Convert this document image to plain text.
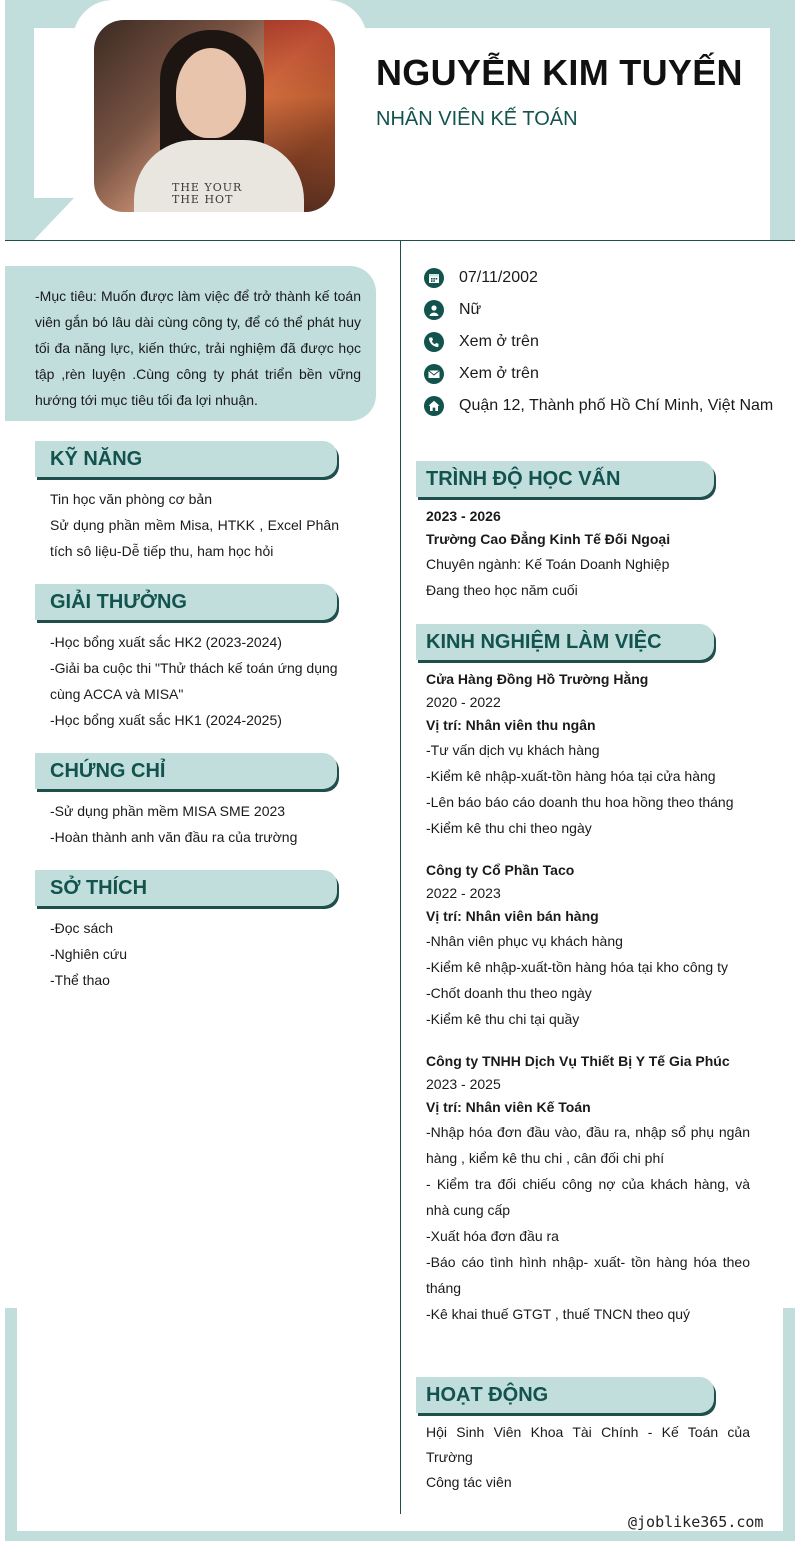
THE YOUR
THE HOT
NGUYỄN KIM TUYẾN
NHÂN VIÊN KẾ TOÁN
07/11/2002
Nữ
Xem ở trên
Xem ở trên
Quận 12, Thành phố Hồ Chí Minh, Việt Nam
-Mục tiêu: Muốn được làm việc để trở thành kế toán viên gắn bó lâu dài cùng công ty, để có thể phát huy tối đa năng lực, kiến thức, trải nghiệm đã được học tập ,rèn luyện .Cùng công ty phát triển bền vững hướng tới mục tiêu tối đa lợi nhuận.
KỸ NĂNG
Tin học văn phòng cơ bản
Sử dụng phần mềm Misa, HTKK , Excel Phân tích sô liệu-Dễ tiếp thu, ham học hỏi
GIẢI THƯỞNG
-Học bổng xuất sắc HK2 (2023-2024)
-Giải ba cuộc thi "Thử thách kế toán ứng dụng cùng ACCA và MISA"
-Học bổng xuất sắc HK1 (2024-2025)
CHỨNG CHỈ
-Sử dụng phần mềm MISA SME 2023
-Hoàn thành anh văn đầu ra của trường
SỞ THÍCH
-Đọc sách
-Nghiên cứu
-Thể thao
TRÌNH ĐỘ HỌC VẤN
2023 - 2026
Trường Cao Đẳng Kinh Tế Đối Ngoại
Chuyên ngành: Kế Toán Doanh Nghiệp
Đang theo học năm cuối
KINH NGHIỆM LÀM VIỆC
Cửa Hàng Đồng Hồ Trường Hằng
2020 - 2022
Vị trí: Nhân viên thu ngân
-Tư vấn dịch vụ khách hàng
-Kiểm kê nhập-xuất-tồn hàng hóa tại cửa hàng
-Lên báo báo cáo doanh thu hoa hồng theo tháng
-Kiểm kê thu chi theo ngày
Công ty Cổ Phần Taco
2022 - 2023
Vị trí: Nhân viên bán hàng
-Nhân viên phục vụ khách hàng
-Kiểm kê nhập-xuất-tồn hàng hóa tại kho công ty
-Chốt doanh thu theo ngày
-Kiểm kê thu chi tại quầy
Công ty TNHH Dịch Vụ Thiết Bị Y Tế Gia Phúc
2023 - 2025
Vị trí: Nhân viên Kế Toán
-Nhập hóa đơn đầu vào, đầu ra, nhập sổ phụ ngân hàng , kiểm kê thu chi , cân đối chi phí
- Kiểm tra đối chiếu công nợ của khách hàng, và nhà cung cấp
-Xuất hóa đơn đầu ra
-Báo cáo tình hình nhập- xuất- tồn hàng hóa theo tháng
-Kê khai thuế GTGT , thuế TNCN theo quý
HOẠT ĐỘNG
Hội Sinh Viên Khoa Tài Chính - Kế Toán của Trường
Công tác viên
@joblike365.com
